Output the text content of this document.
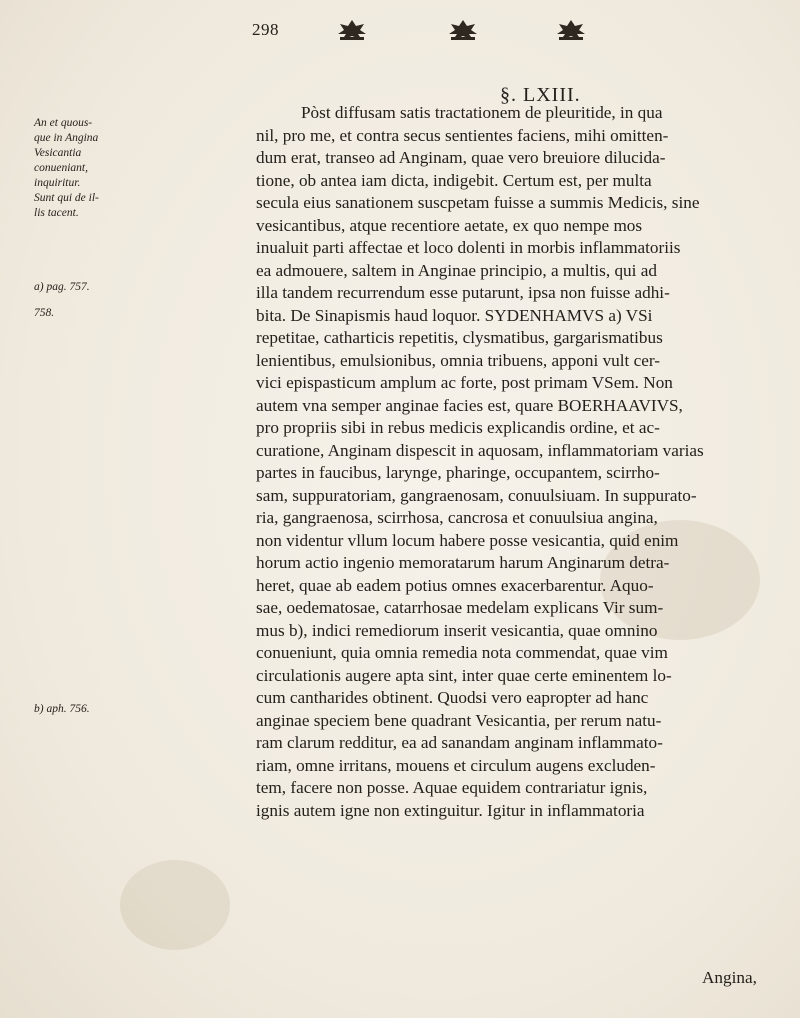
298
§. LXIII.
An et quous-
que in Angina
Vesicantia
conueniant,
inquiritur.
Sunt qui de il-
lis tacent.
a) pag. 757.
758.
b) aph. 756.
Pòst diffusam satis tractationem de pleuritide, in qua
nil, pro me, et contra secus sentientes faciens, mihi omitten-
dum erat, transeo ad Anginam, quae vero breuiore dilucida-
tione, ob antea iam dicta, indigebit. Certum est, per multa
secula eius sanationem suscpetam fuisse a summis Medicis, sine
vesicantibus, atque recentiore aetate, ex quo nempe mos
inualuit parti affectae et loco dolenti in morbis inflammatoriis
ea admouere, saltem in Anginae principio, a multis, qui ad
illa tandem recurrendum esse putarunt, ipsa non fuisse adhi-
bita. De Sinapismis haud loquor. SYDENHAMVS a) VSi
repetitae, catharticis repetitis, clysmatibus, gargarismatibus
lenientibus, emulsionibus, omnia tribuens, apponi vult cer-
vici epispasticum amplum ac forte, post primam VSem. Non
autem vna semper anginae facies est, quare BOERHAAVIVS,
pro propriis sibi in rebus medicis explicandis ordine, et ac-
curatione, Anginam dispescit in aquosam, inflammatoriam varias
partes in faucibus, larynge, pharinge, occupantem, scirrho-
sam, suppuratoriam, gangraenosam, conuulsiuam. In suppurato-
ria, gangraenosa, scirrhosa, cancrosa et conuulsiua angina,
non videntur vllum locum habere posse vesicantia, quid enim
horum actio ingenio memoratarum harum Anginarum detra-
heret, quae ab eadem potius omnes exacerbarentur. Aquo-
sae, oedematosae, catarrhosae medelam explicans Vir sum-
mus b), indici remediorum inserit vesicantia, quae omnino
conueniunt, quia omnia remedia nota commendat, quae vim
circulationis augere apta sint, inter quae certe eminentem lo-
cum cantharides obtinent. Quodsi vero eapropter ad hanc
anginae speciem bene quadrant Vesicantia, per rerum natu-
ram clarum redditur, ea ad sanandam anginam inflammato-
riam, omne irritans, mouens et circulum augens excluden-
tem, facere non posse. Aquae equidem contrariatur ignis,
ignis autem igne non extinguitur. Igitur in inflammatoria
Angina,
